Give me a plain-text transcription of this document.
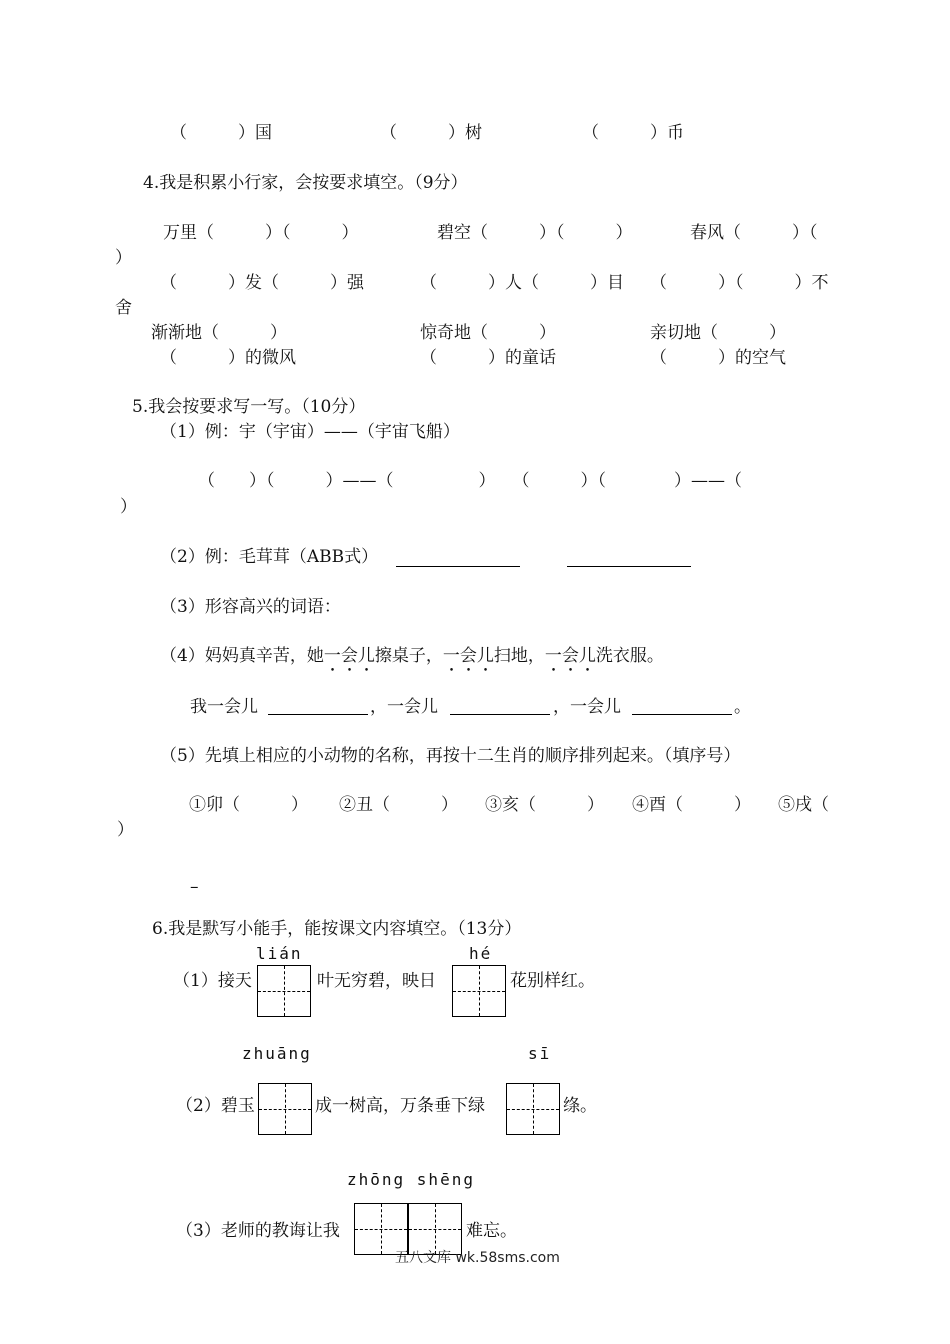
（　　　）国	（　　　）树	（　　　）币
4.我是积累小行家，会按要求填空。（9分）
万里（　　　）（　　　）	碧空（　　　）（　　　）	春风（　　　）（
）
（　　　）发（　　　）强	（　　　）人（　　　）目 （　　　）（　　　）不
舍
渐渐地（　　　）	惊奇地（　　　）	亲切地（　　　）
（　　　）的微风	（　　　）的童话	（　　　）的空气
5.我会按要求写一写。（10分）
（1）例：宇（宇宙）——（宇宙飞船）
（　　）（　　　）——（　　　　　）　　（　　　）（　　　　）——（
）
（2）例：毛茸茸（ABB式）
（3）形容高兴的词语：
（4）妈妈真辛苦，她一会儿擦桌子，一会儿扫地，一会儿洗衣服。
我一会儿	，一会儿	，一会儿	。
（5）先填上相应的小动物的名称，再按十二生肖的顺序排列起来。（填序号）
①卯（　　　） ②丑（　　　） ③亥（　　　） ④酉（　　　） ⑤戌（
）
–
6.我是默写小能手，能按课文内容填空。（13分）
lián	hé
（1）接天	叶无穷碧，映日	花别样红。
zhuāng	sī
（2）碧玉	成一树高，万条垂下绿	绦。
zhōng shēng
（3）老师的教诲让我	难忘。
五八文库 wk.58sms.com
